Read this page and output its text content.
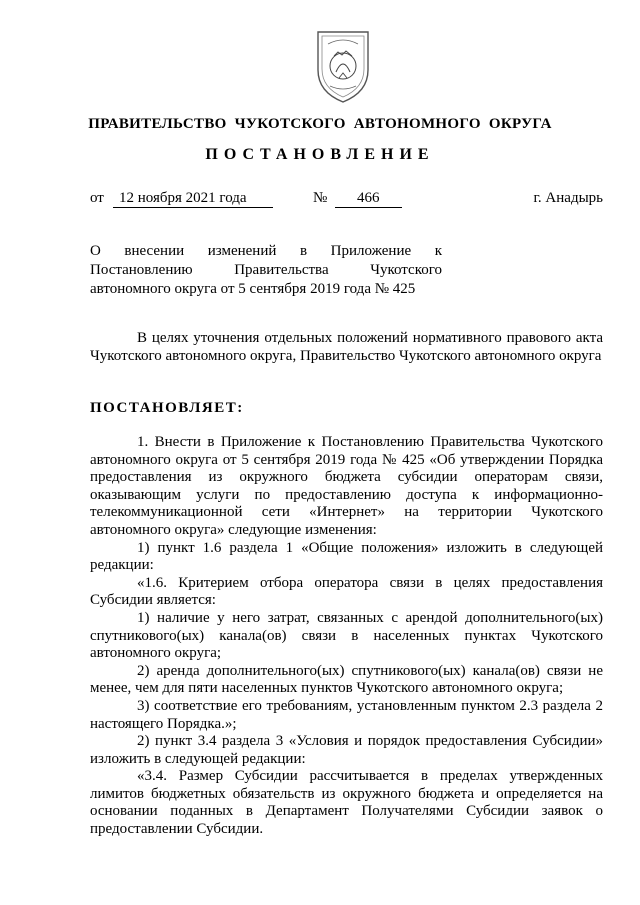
ПРАВИТЕЛЬСТВО ЧУКОТСКОГО АВТОНОМНОГО ОКРУГА
ПОСТАНОВЛЕНИЕ
от	12 ноября 2021 года	№	466	г. Анадырь
О внесении изменений в Приложение к
Постановлению Правительства Чукотского
автономного округа от 5 сентября 2019 года № 425

В целях уточнения отдельных положений нормативного правового акта Чукотского автономного округа, Правительство Чукотского автономного округа

ПОСТАНОВЛЯЕТ:

1. Внести в Приложение к Постановлению Правительства Чукотского автономного округа от 5 сентября 2019 года № 425 «Об утверждении Порядка предоставления из окружного бюджета субсидии операторам связи, оказывающим услуги по предоставлению доступа к информационно-телекоммуникационной сети «Интернет» на территории Чукотского автономного округа» следующие изменения:

1) пункт 1.6 раздела 1 «Общие положения» изложить в следующей редакции:

«1.6. Критерием отбора оператора связи в целях предоставления Субсидии является:

1) наличие у него затрат, связанных с арендой дополнительного(ых) спутникового(ых) канала(ов) связи в населенных пунктах Чукотского автономного округа;

2) аренда дополнительного(ых) спутникового(ых) канала(ов) связи не менее, чем для пяти населенных пунктов Чукотского автономного округа;

3) соответствие его требованиям, установленным пунктом 2.3 раздела 2 настоящего Порядка.»;

2) пункт 3.4 раздела 3 «Условия и порядок предоставления Субсидии» изложить в следующей редакции:

«3.4. Размер Субсидии рассчитывается в пределах утвержденных лимитов бюджетных обязательств из окружного бюджета и определяется на основании поданных в Департамент Получателями Субсидии заявок о предоставлении Субсидии.
